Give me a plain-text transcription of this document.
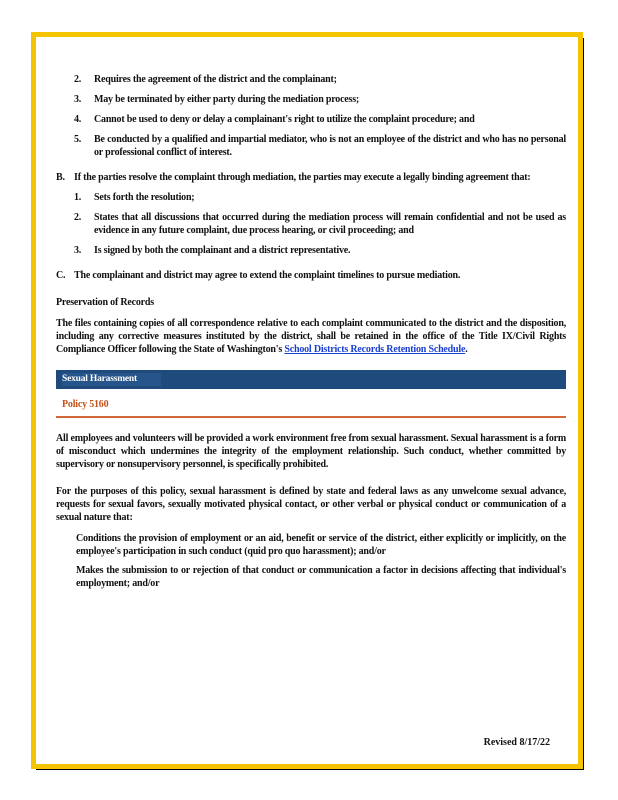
2. Requires the agreement of the district and the complainant;
3. May be terminated by either party during the mediation process;
4. Cannot be used to deny or delay a complainant's right to utilize the complaint procedure; and
5. Be conducted by a qualified and impartial mediator, who is not an employee of the district and who has no personal or professional conflict of interest.
B. If the parties resolve the complaint through mediation, the parties may execute a legally binding agreement that:
1. Sets forth the resolution;
2. States that all discussions that occurred during the mediation process will remain confidential and not be used as evidence in any future complaint, due process hearing, or civil proceeding; and
3. Is signed by both the complainant and a district representative.
C. The complainant and district may agree to extend the complaint timelines to pursue mediation.
Preservation of Records
The files containing copies of all correspondence relative to each complaint communicated to the district and the disposition, including any corrective measures instituted by the district, shall be retained in the office of the Title IX/Civil Rights Compliance Officer following the State of Washington's School Districts Records Retention Schedule.
Sexual Harassment
Policy 5160
All employees and volunteers will be provided a work environment free from sexual harassment. Sexual harassment is a form of misconduct which undermines the integrity of the employment relationship. Such conduct, whether committed by supervisory or nonsupervisory personnel, is specifically prohibited.
For the purposes of this policy, sexual harassment is defined by state and federal laws as any unwelcome sexual advance, requests for sexual favors, sexually motivated physical contact, or other verbal or physical conduct or communication of a sexual nature that:
Conditions the provision of employment or an aid, benefit or service of the district, either explicitly or implicitly, on the employee's participation in such conduct (quid pro quo harassment); and/or
Makes the submission to or rejection of that conduct or communication a factor in decisions affecting that individual's employment; and/or
Revised 8/17/22
